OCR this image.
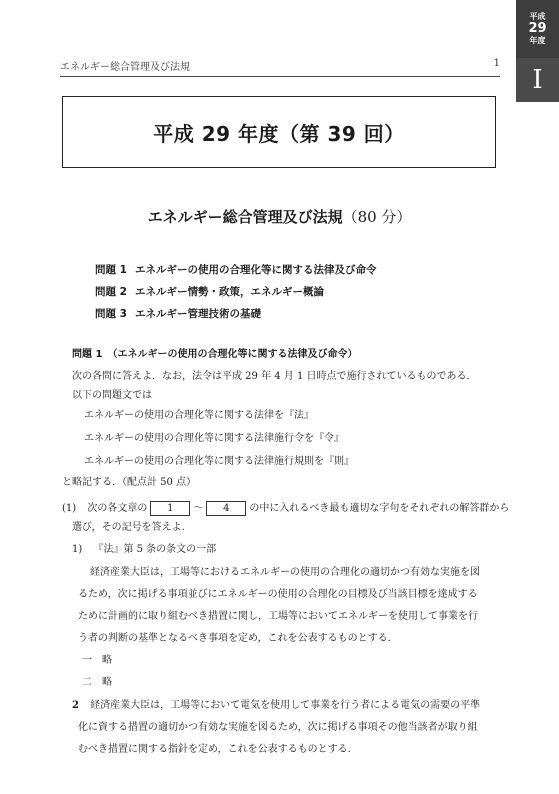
エネルギー総合管理及び法規	1
平成
29
年度
I
平成 29 年度（第 39 回）
エネルギー総合管理及び法規（80 分）
問題 1 エネルギーの使用の合理化等に関する法律及び命令
問題 2 エネルギー情勢・政策，エネルギー概論
問題 3 エネルギー管理技術の基礎
問題 1　（エネルギーの使用の合理化等に関する法律及び命令）
次の各問に答えよ．なお，法令は平成 29 年 4 月 1 日時点で施行されているものである．
以下の問題文では
エネルギーの使用の合理化等に関する法律を『法』
エネルギーの使用の合理化等に関する法律施行令を『令』
エネルギーの使用の合理化等に関する法律施行規則を『則』
と略記する．（配点計 50 点）
(1) 次の各文章の 1 ～ 4 の中に入れるべき最も適切な字句をそれぞれの解答群から
選び，その記号を答えよ．
1) 『法』第 5 条の条文の一部
経済産業大臣は，工場等におけるエネルギーの使用の合理化の適切かつ有効な実施を図
るため，次に掲げる事項並びにエネルギーの使用の合理化の目標及び当該目標を達成する
ために計画的に取り組むべき措置に関し，工場等においてエネルギーを使用して事業を行
う者の判断の基準となるべき事項を定め，これを公表するものとする．
一　略
二　略
2 経済産業大臣は，工場等において電気を使用して事業を行う者による電気の需要の平準
化に資する措置の適切かつ有効な実施を図るため，次に掲げる事項その他当該者が取り組
むべき措置に関する指針を定め，これを公表するものとする．
